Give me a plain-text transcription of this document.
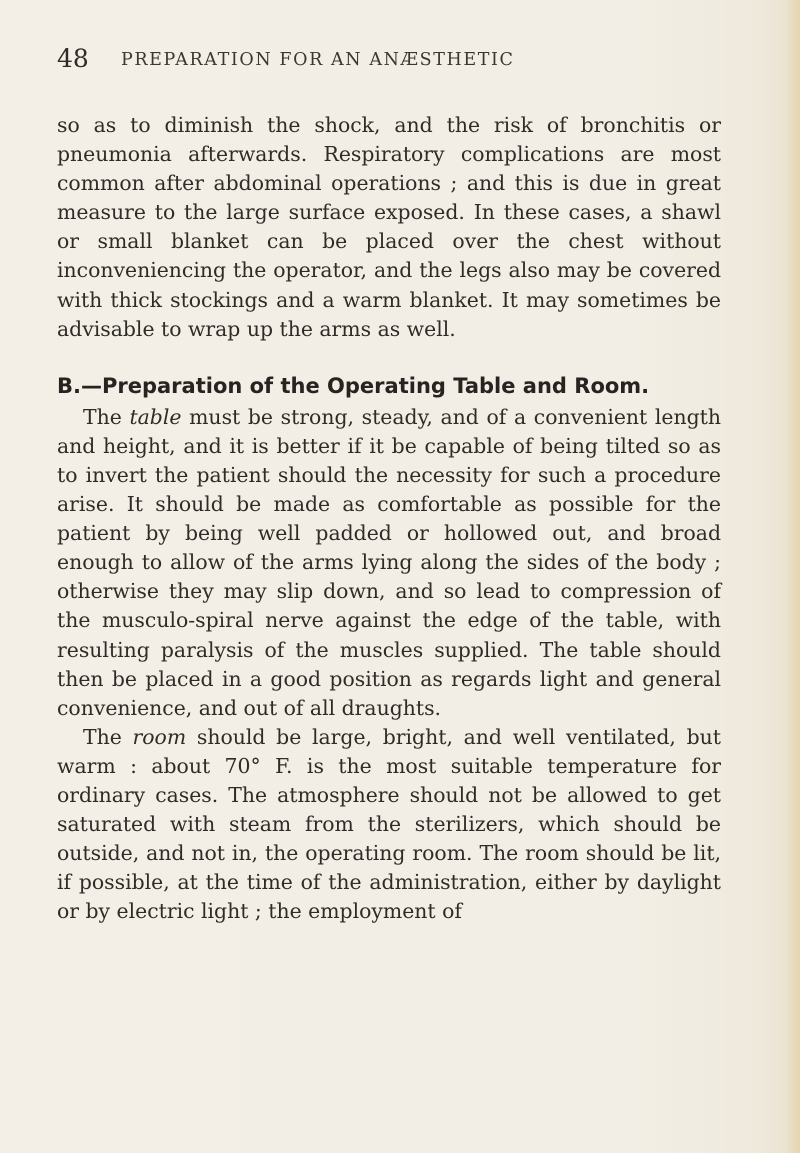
48 PREPARATION FOR AN ANÆSTHETIC

so as to diminish the shock, and the risk of bronchitis or pneumonia afterwards. Respiratory complications are most common after abdominal operations ; and this is due in great measure to the large surface exposed. In these cases, a shawl or small blanket can be placed over the chest without inconveniencing the operator, and the legs also may be covered with thick stockings and a warm blanket. It may sometimes be advisable to wrap up the arms as well.

B.—Preparation of the Operating Table and Room.

The table must be strong, steady, and of a convenient length and height, and it is better if it be capable of being tilted so as to invert the patient should the necessity for such a procedure arise. It should be made as comfortable as possible for the patient by being well padded or hollowed out, and broad enough to allow of the arms lying along the sides of the body ; otherwise they may slip down, and so lead to compression of the musculo-spiral nerve against the edge of the table, with resulting paralysis of the muscles supplied. The table should then be placed in a good position as regards light and general convenience, and out of all draughts.

The room should be large, bright, and well ventilated, but warm : about 70° F. is the most suitable temperature for ordinary cases. The atmosphere should not be allowed to get saturated with steam from the sterilizers, which should be outside, and not in, the operating room. The room should be lit, if possible, at the time of the administration, either by daylight or by electric light ; the employment of
